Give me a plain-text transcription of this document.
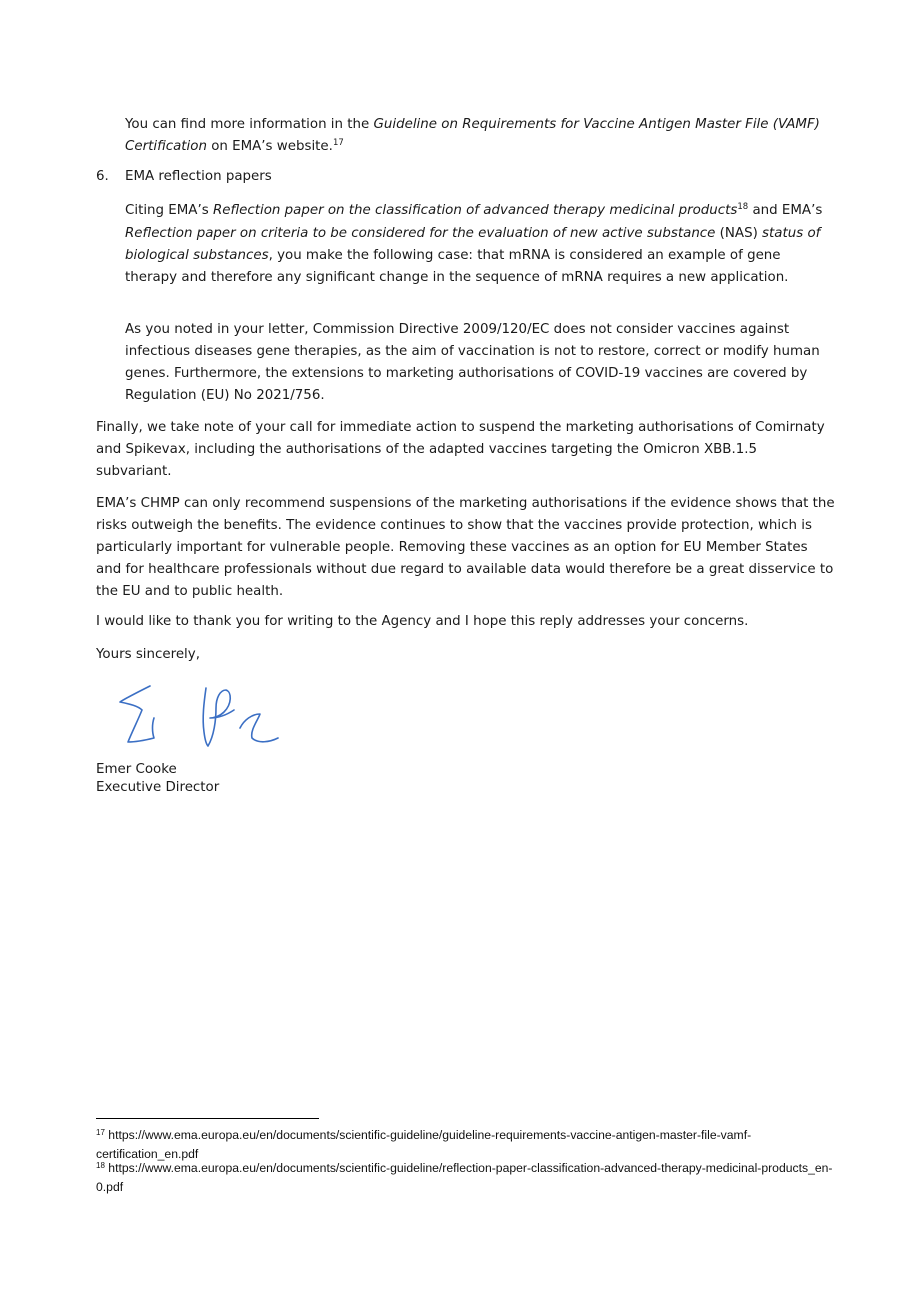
You can find more information in the Guideline on Requirements for Vaccine Antigen Master File (VAMF) Certification on EMA’s website.$^{17}$

6. EMA reflection papers

Citing EMA’s Reflection paper on the classification of advanced therapy medicinal products$^{18}$ and EMA’s Reflection paper on criteria to be considered for the evaluation of new active substance (NAS) status of biological substances, you make the following case: that mRNA is considered an example of gene therapy and therefore any significant change in the sequence of mRNA requires a new application.

As you noted in your letter, Commission Directive 2009/120/EC does not consider vaccines against infectious diseases gene therapies, as the aim of vaccination is not to restore, correct or modify human genes. Furthermore, the extensions to marketing authorisations of COVID-19 vaccines are covered by Regulation (EU) No 2021/756.

Finally, we take note of your call for immediate action to suspend the marketing authorisations of Comirnaty and Spikevax, including the authorisations of the adapted vaccines targeting the Omicron XBB.1.5 subvariant.

EMA’s CHMP can only recommend suspensions of the marketing authorisations if the evidence shows that the risks outweigh the benefits. The evidence continues to show that the vaccines provide protection, which is particularly important for vulnerable people. Removing these vaccines as an option for EU Member States and for healthcare professionals without due regard to available data would therefore be a great disservice to the EU and to public health.

I would like to thank you for writing to the Agency and I hope this reply addresses your concerns.

Yours sincerely,

Emer Cooke
Executive Director
$^{17}$ https://www.ema.europa.eu/en/documents/scientific-guideline/guideline-requirements-vaccine-antigen-master-file-vamf-certification_en.pdf
$^{18}$ https://www.ema.europa.eu/en/documents/scientific-guideline/reflection-paper-classification-advanced-therapy-medicinal-products_en-0.pdf
